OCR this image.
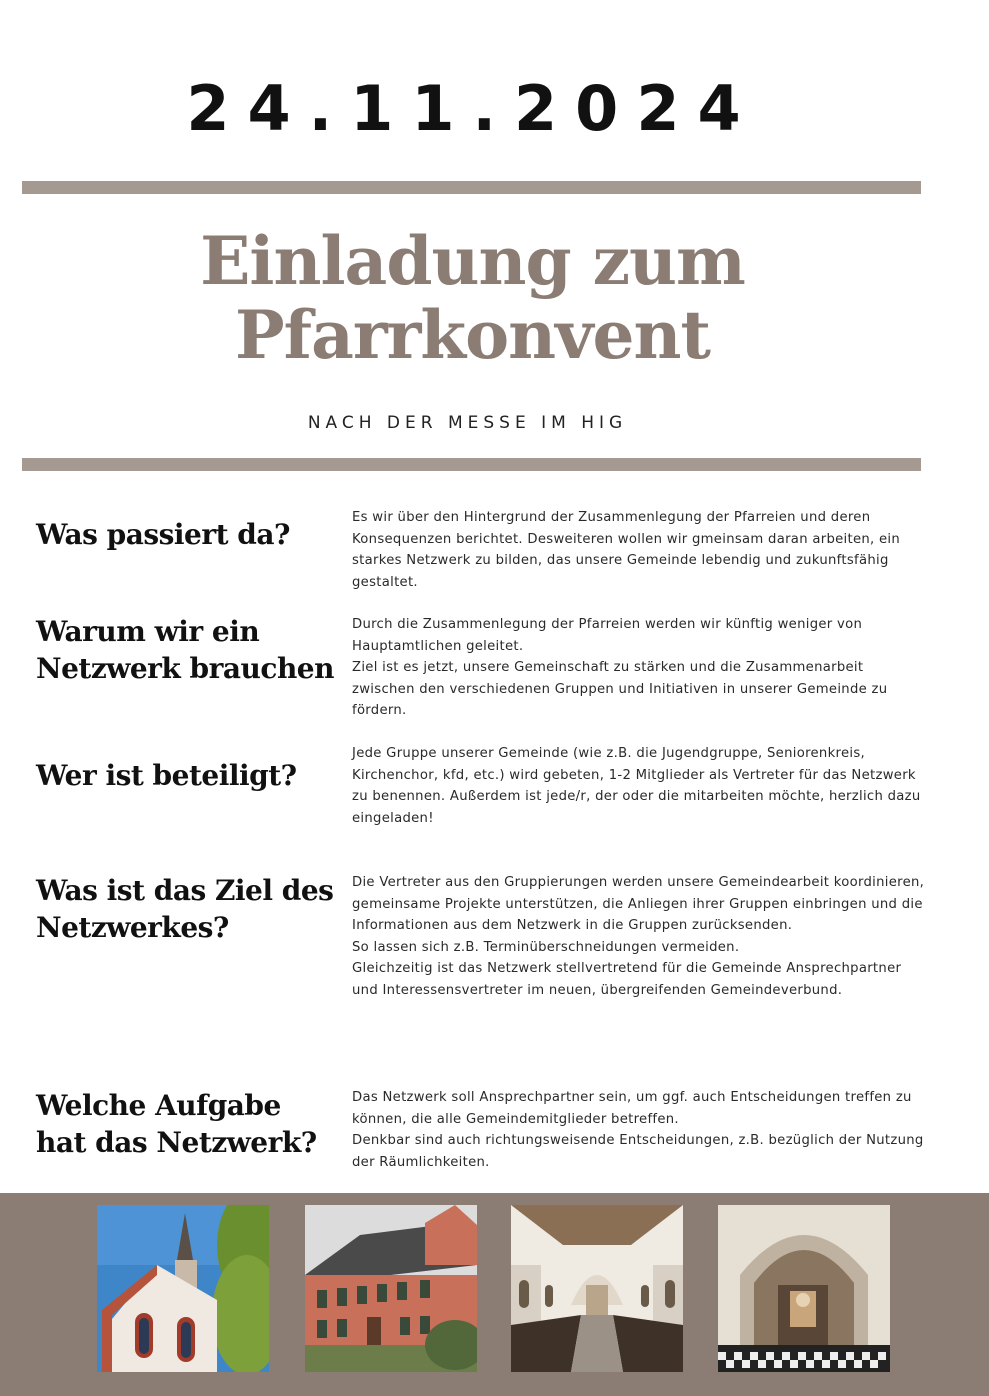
24.11.2024
Einladung zum
Pfarrkonvent
NACH DER MESSE IM HIG
Was passiert da?

Es wir über den Hintergrund der Zusammenlegung der Pfarreien und deren Konsequenzen berichtet. Desweiteren wollen wir gmeinsam daran arbeiten, ein starkes Netzwerk zu bilden, das unsere Gemeinde lebendig und zukunftsfähig gestaltet.

Warum wir ein Netzwerk brauchen

Durch die Zusammenlegung der Pfarreien werden wir künftig weniger von Hauptamtlichen geleitet.

Ziel ist es jetzt, unsere Gemeinschaft zu stärken und die Zusammenarbeit zwischen den verschiedenen Gruppen und Initiativen in unserer Gemeinde zu fördern.

Wer ist beteiligt?

Jede Gruppe unserer Gemeinde (wie z.B. die Jugendgruppe, Seniorenkreis, Kirchenchor, kfd, etc.) wird gebeten, 1-2 Mitglieder als Vertreter für das Netzwerk zu benennen. Außerdem ist jede/r, der oder die mitarbeiten möchte, herzlich dazu eingeladen!

Was ist das Ziel des Netzwerkes?

Die Vertreter aus den Gruppierungen werden unsere Gemeindearbeit koordinieren, gemeinsame Projekte unterstützen, die Anliegen ihrer Gruppen einbringen und die Informationen aus dem Netzwerk in die Gruppen zurücksenden.

So lassen sich z.B. Terminüberschneidungen vermeiden.

Gleichzeitig ist das Netzwerk stellvertretend für die Gemeinde Ansprechpartner und Interessensvertreter im neuen, übergreifenden Gemeindeverbund.

Welche Aufgabe hat das Netzwerk?

Das Netzwerk soll Ansprechpartner sein, um ggf. auch Entscheidungen treffen zu können, die alle Gemeindemitglieder betreffen.

Denkbar sind auch richtungsweisende Entscheidungen, z.B. bezüglich der Nutzung der Räumlichkeiten.
